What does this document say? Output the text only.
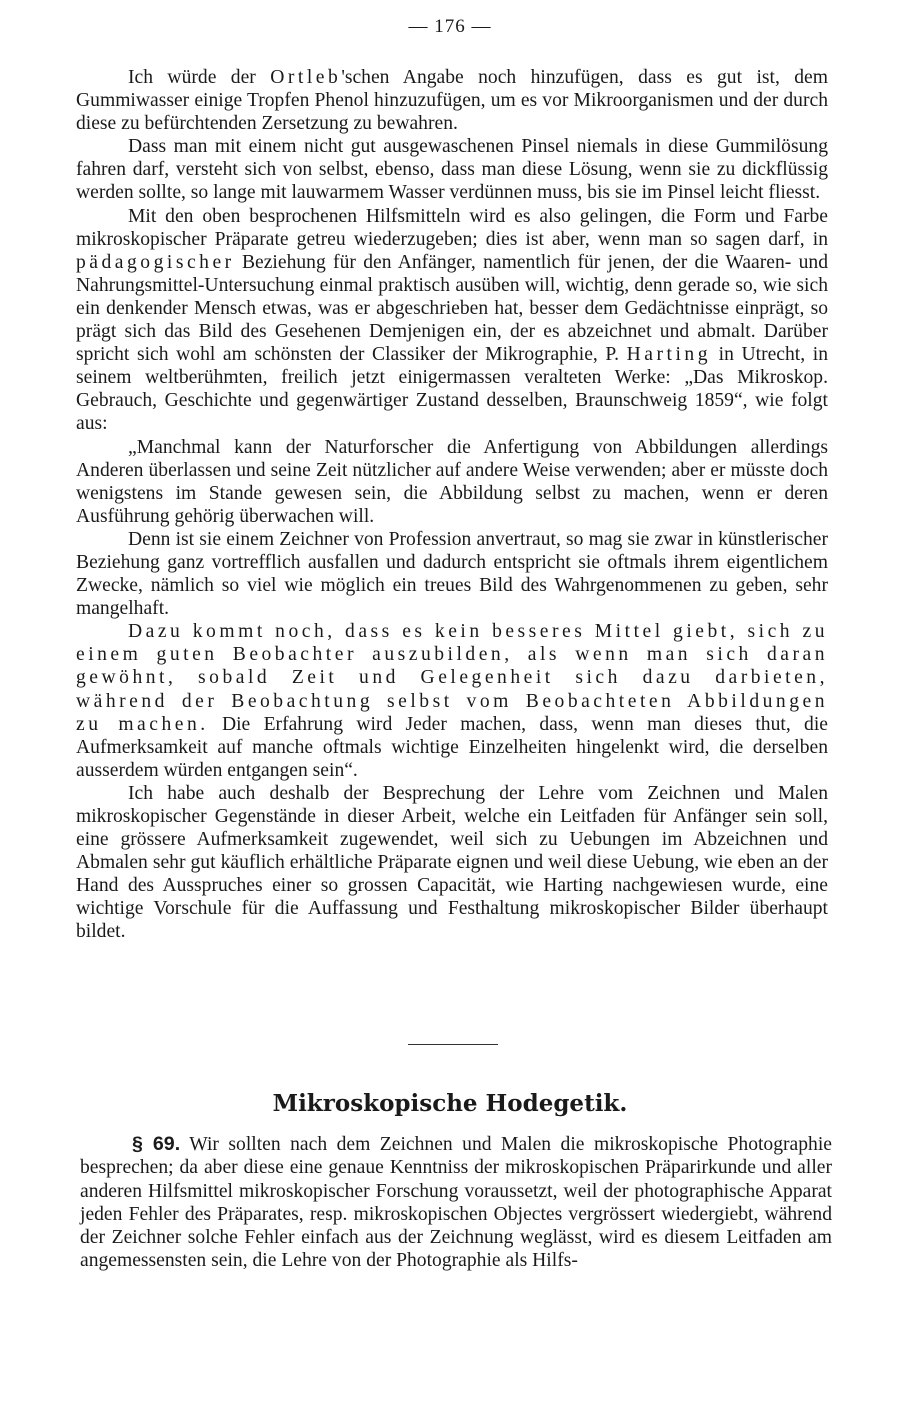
— 176 —

Ich würde der Ortleb'schen Angabe noch hinzufügen, dass es gut ist, dem Gummiwasser einige Tropfen Phenol hinzuzufügen, um es vor Mikroorganismen und der durch diese zu befürchtenden Zersetzung zu bewahren.

Dass man mit einem nicht gut ausgewaschenen Pinsel niemals in diese Gummilösung fahren darf, versteht sich von selbst, ebenso, dass man diese Lösung, wenn sie zu dickflüssig werden sollte, so lange mit lauwarmem Wasser verdünnen muss, bis sie im Pinsel leicht fliesst.

Mit den oben besprochenen Hilfsmitteln wird es also gelingen, die Form und Farbe mikroskopischer Präparate getreu wiederzugeben; dies ist aber, wenn man so sagen darf, in pädagogischer Beziehung für den Anfänger, namentlich für jenen, der die Waaren- und Nahrungsmittel-Untersuchung einmal praktisch ausüben will, wichtig, denn gerade so, wie sich ein denkender Mensch etwas, was er abgeschrieben hat, besser dem Gedächtnisse einprägt, so prägt sich das Bild des Gesehenen Demjenigen ein, der es abzeichnet und abmalt. Darüber spricht sich wohl am schönsten der Classiker der Mikrographie, P. Harting in Utrecht, in seinem weltberühmten, freilich jetzt einigermassen veralteten Werke: „Das Mikroskop. Gebrauch, Geschichte und gegenwärtiger Zustand desselben, Braunschweig 1859“, wie folgt aus:

„Manchmal kann der Naturforscher die Anfertigung von Abbildungen allerdings Anderen überlassen und seine Zeit nützlicher auf andere Weise verwenden; aber er müsste doch wenigstens im Stande gewesen sein, die Abbildung selbst zu machen, wenn er deren Ausführung gehörig überwachen will.

Denn ist sie einem Zeichner von Profession anvertraut, so mag sie zwar in künstlerischer Beziehung ganz vortrefflich ausfallen und dadurch entspricht sie oftmals ihrem eigentlichem Zwecke, nämlich so viel wie möglich ein treues Bild des Wahrgenommenen zu geben, sehr mangelhaft.

Dazu kommt noch, dass es kein besseres Mittel giebt, sich zu einem guten Beobachter auszubilden, als wenn man sich daran gewöhnt, sobald Zeit und Gelegenheit sich dazu darbieten, während der Beobachtung selbst vom Beobachteten Abbildungen zu machen. Die Erfahrung wird Jeder machen, dass, wenn man dieses thut, die Aufmerksamkeit auf manche oftmals wichtige Einzelheiten hingelenkt wird, die derselben ausserdem würden entgangen sein“.

Ich habe auch deshalb der Besprechung der Lehre vom Zeichnen und Malen mikroskopischer Gegenstände in dieser Arbeit, welche ein Leitfaden für Anfänger sein soll, eine grössere Aufmerksamkeit zugewendet, weil sich zu Uebungen im Abzeichnen und Abmalen sehr gut käuflich erhältliche Präparate eignen und weil diese Uebung, wie eben an der Hand des Ausspruches einer so grossen Capacität, wie Harting nachgewiesen wurde, eine wichtige Vorschule für die Auffassung und Festhaltung mikroskopischer Bilder überhaupt bildet.

Mikroskopische Hodegetik.

§ 69. Wir sollten nach dem Zeichnen und Malen die mikroskopische Photographie besprechen; da aber diese eine genaue Kenntniss der mikroskopischen Präparirkunde und aller anderen Hilfsmittel mikroskopischer Forschung voraussetzt, weil der photographische Apparat jeden Fehler des Präparates, resp. mikroskopischen Objectes vergrössert wiedergiebt, während der Zeichner solche Fehler einfach aus der Zeichnung weglässt, wird es diesem Leitfaden am angemessensten sein, die Lehre von der Photographie als Hilfs-
